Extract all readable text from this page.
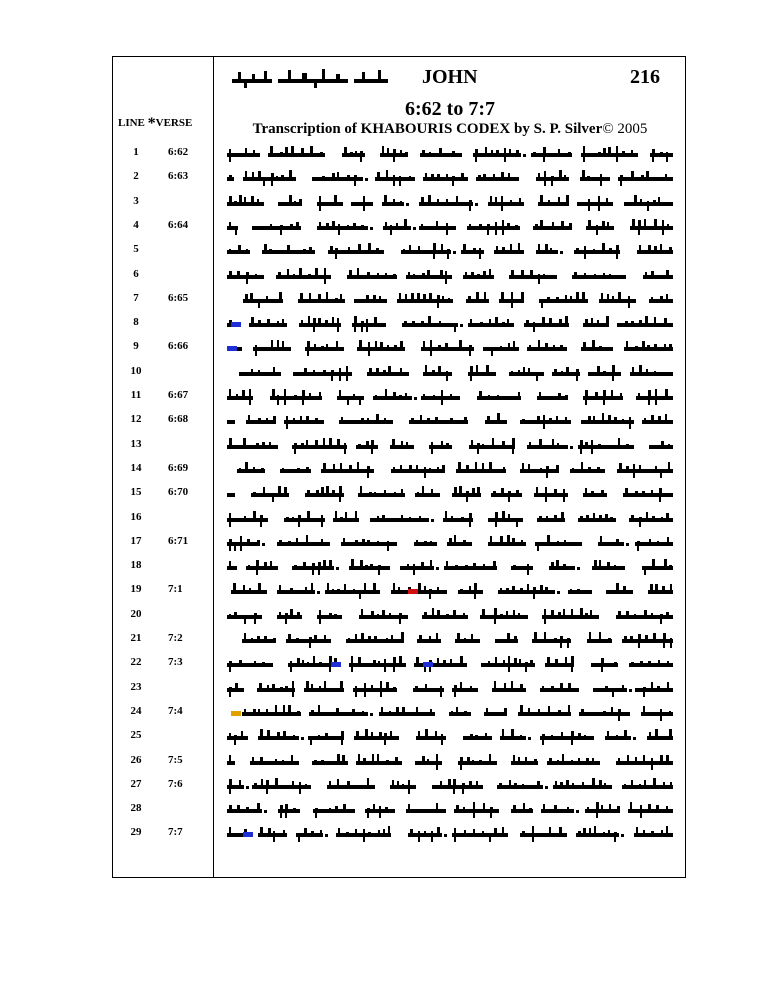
JOHN	216
6:62 to 7:7
Transcription of KHABOURIS CODEX by S. P. Silver© 2005
LINE *VERSE
1	6:62
2	6:63
3
4	6:64
5
6
7	6:65
8
9	6:66
10
11 6:67
12 6:68
13
14 6:69
15 6:70
16
17 6:71
18
19 7:1
20
21 7:2
22 7:3
23
24 7:4
25
26 7:5
27 7:6
28
29 7:7
